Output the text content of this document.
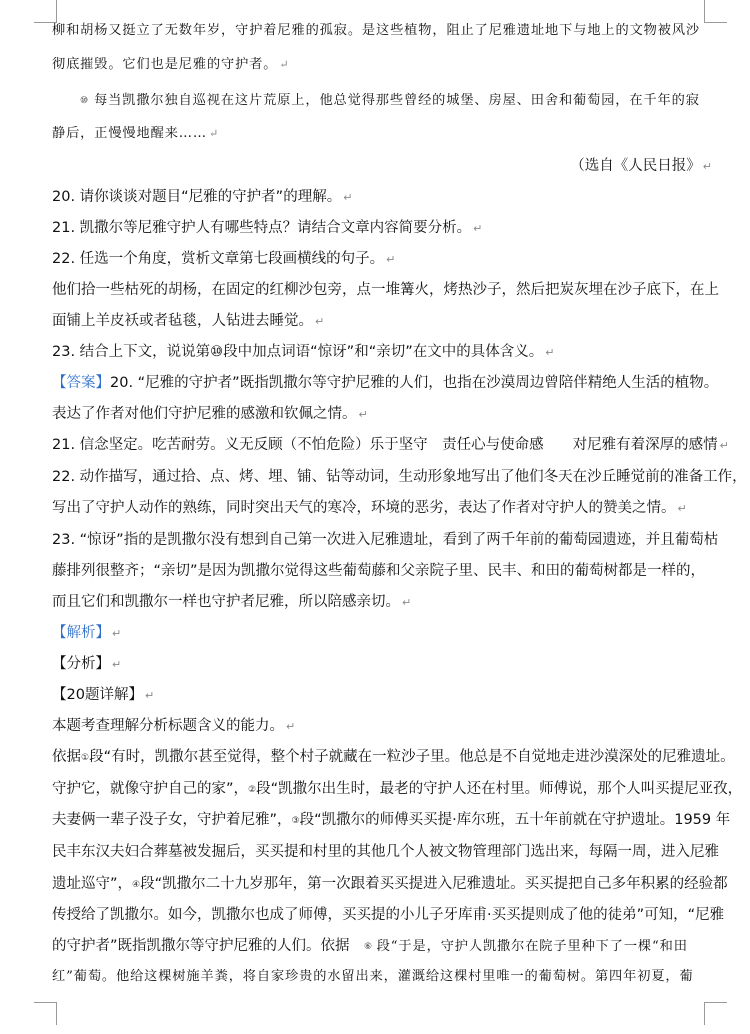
柳和胡杨又挺立了无数年岁，守护着尼雅的孤寂。是这些植物，阻止了尼雅遗址地下与地上的文物被风沙
彻底摧毁。它们也是尼雅的守护者。 ↵
⑩ 每当凯撒尔独自巡视在这片荒原上，他总觉得那些曾经的城堡、房屋、田舍和葡萄园，在千年的寂
静后，正慢慢地醒来…… ↵
（选自《人民日报》 ↵
20. 请你谈谈对题目“尼雅的守护者”的理解。 ↵
21. 凯撒尔等尼雅守护人有哪些特点？请结合文章内容简要分析。 ↵
22. 任选一个角度，赏析文章第七段画横线的句子。 ↵
他们拾一些枯死的胡杨，在固定的红柳沙包旁，点一堆篝火，烤热沙子，然后把炭灰埋在沙子底下，在上
面铺上羊皮袄或者毡毯，人钻进去睡觉。 ↵
23. 结合上下文，说说第⑩段中加点词语“惊讶”和“亲切”在文中的具体含义。 ↵
【答案】20. “尼雅的守护者”既指凯撒尔等守护尼雅的人们，也指在沙漠周边曾陪伴精绝人生活的植物。
表达了作者对他们守护尼雅的感激和钦佩之情。 ↵
21. 信念坚定。吃苦耐劳。义无反顾（不怕危险）乐于坚守　责任心与使命感　　对尼雅有着深厚的感情 ↵
22. 动作描写，通过拾、点、烤、埋、铺、钻等动词，生动形象地写出了他们冬天在沙丘睡觉前的准备工作，
写出了守护人动作的熟练，同时突出天气的寒冷，环境的恶劣，表达了作者对守护人的赞美之情。 ↵
23. “惊讶”指的是凯撒尔没有想到自己第一次进入尼雅遗址，看到了两千年前的葡萄园遗迹，并且葡萄枯
藤排列很整齐；“亲切”是因为凯撒尔觉得这些葡萄藤和父亲院子里、民丰、和田的葡萄树都是一样的，
而且它们和凯撒尔一样也守护者尼雅，所以陪感亲切。 ↵
【解析】 ↵
【分析】 ↵
【20题详解】 ↵
本题考查理解分析标题含义的能力。 ↵
依据①段“有时，凯撒尔甚至觉得，整个村子就藏在一粒沙子里。他总是不自觉地走进沙漠深处的尼雅遗址。
守护它，就像守护自己的家”，②段“凯撒尔出生时，最老的守护人还在村里。师傅说，那个人叫买提尼亚孜，
夫妻俩一辈子没子女，守护着尼雅”，③段“凯撒尔的师傅买买提·库尔班，五十年前就在守护遗址。1959 年
民丰东汉夫妇合葬墓被发掘后，买买提和村里的其他几个人被文物管理部门选出来，每隔一周，进入尼雅
遗址巡守”，④段“凯撒尔二十九岁那年，第一次跟着买买提进入尼雅遗址。买买提把自己多年积累的经验都
传授给了凯撒尔。如今，凯撒尔也成了师傅，买买提的小儿子牙库甫·买买提则成了他的徒弟”可知，“尼雅
的守护者”既指凯撒尔等守护尼雅的人们。依据　⑥ 段“于是，守护人凯撒尔在院子里种下了一棵“和田
红”葡萄。他给这棵树施羊粪，将自家珍贵的水留出来，灌溉给这棵村里唯一的葡萄树。第四年初夏，葡
